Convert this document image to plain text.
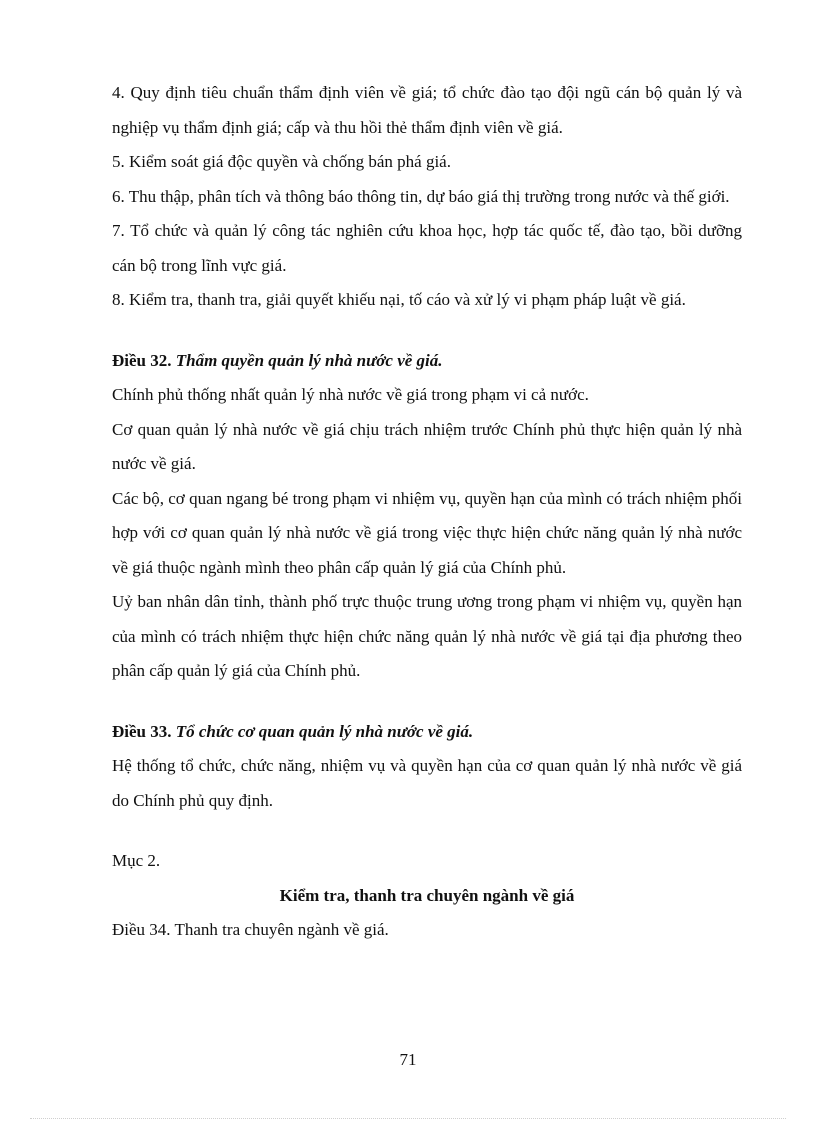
4. Quy định tiêu chuẩn thẩm định viên về giá; tổ chức đào tạo đội ngũ cán bộ quản lý và nghiệp vụ thẩm định giá; cấp và thu hồi thẻ thẩm định viên về giá.

5. Kiểm soát giá độc quyền và chống bán phá giá.

6. Thu thập, phân tích và thông báo thông tin, dự báo giá thị trường trong nước và thế giới.

7. Tổ chức và quản lý công tác nghiên cứu khoa học, hợp tác quốc tế, đào tạo, bồi dưỡng cán bộ trong lĩnh vực giá.

8. Kiểm tra, thanh tra, giải quyết khiếu nại, tố cáo và xử lý vi phạm pháp luật về giá.

Điều 32. Thẩm quyền quản lý nhà nước về giá.

Chính phủ thống nhất quản lý nhà nước về giá trong phạm vi cả nước.

Cơ quan quản lý nhà nước về giá chịu trách nhiệm trước Chính phủ thực hiện quản lý nhà nước về giá.

Các bộ, cơ quan ngang bé trong phạm vi nhiệm vụ, quyền hạn của mình có trách nhiệm phối hợp với cơ quan quản lý nhà nước về giá trong việc thực hiện chức năng quản lý nhà nước về giá thuộc ngành mình theo phân cấp quản lý giá của Chính phủ.

Uỷ ban nhân dân tỉnh, thành phố trực thuộc trung ương trong phạm vi nhiệm vụ, quyền hạn của mình có trách nhiệm thực hiện chức năng quản lý nhà nước về giá tại địa phương theo phân cấp quản lý giá của Chính phủ.

Điều 33. Tổ chức cơ quan quản lý nhà nước về giá.

Hệ thống tổ chức, chức năng, nhiệm vụ và quyền hạn của cơ quan quản lý nhà nước về giá do Chính phủ quy định.

Mục 2.

Kiểm tra, thanh tra chuyên ngành về giá

Điều 34. Thanh tra chuyên ngành về giá.

71
